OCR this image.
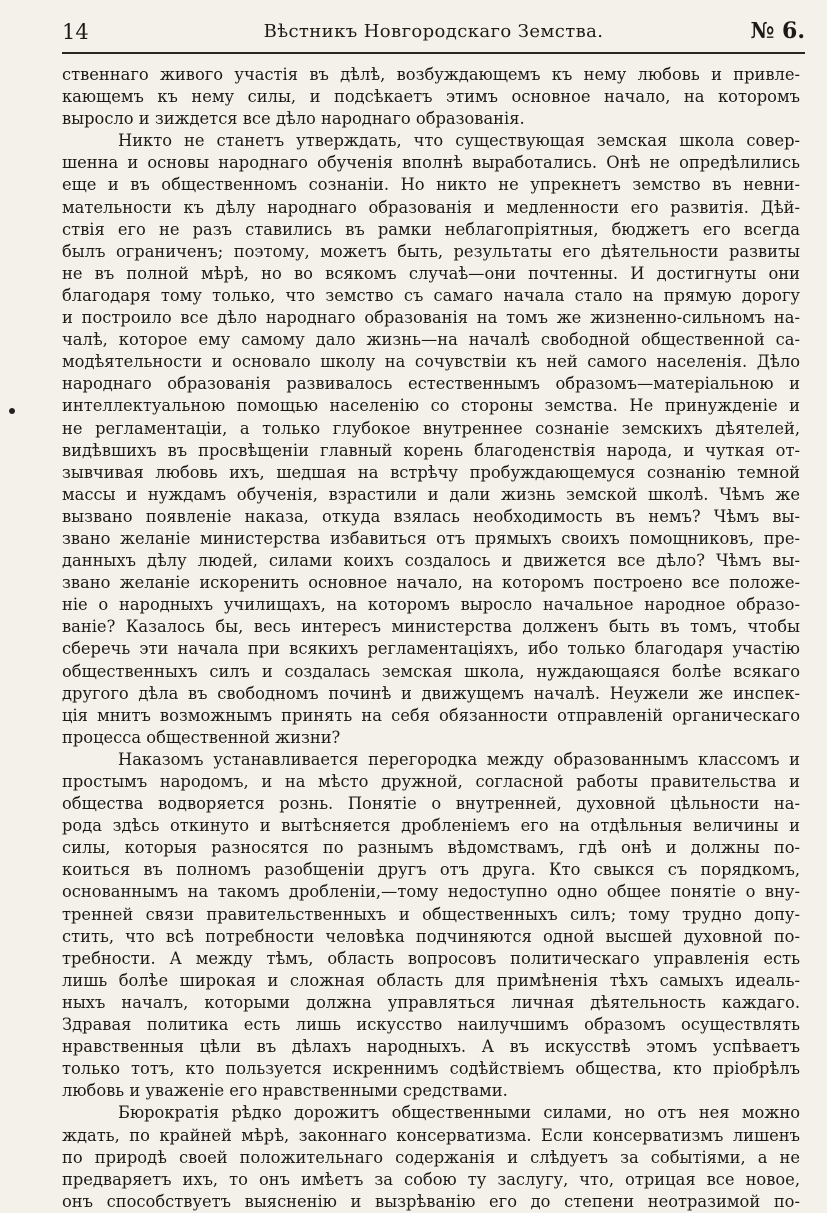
14	Вѣстникъ Новгородскаго Земства.	№ 6.
ственнаго живого участія въ дѣлѣ, возбуждающемъ къ нему любовь и привле-
кающемъ къ нему силы, и подсѣкаетъ этимъ основное начало, на которомъ
выросло и зиждется все дѣло народнаго образованія.
Никто не станетъ утверждать, что существующая земская школа совер-
шенна и основы народнаго обученія вполнѣ выработались. Онѣ не опредѣлились
еще и въ общественномъ сознаніи. Но никто не упрекнетъ земство въ невни-
мательности къ дѣлу народнаго образованія и медленности его развитія. Дѣй-
ствія его не разъ ставились въ рамки неблагопріятныя, бюджетъ его всегда
былъ ограниченъ; поэтому, можетъ быть, результаты его дѣятельности развиты
не въ полной мѣрѣ, но во всякомъ случаѣ—они почтенны. И достигнуты они
благодаря тому только, что земство съ самаго начала стало на прямую дорогу
и построило все дѣло народнаго образованія на томъ же жизненно-сильномъ на-
чалѣ, которое ему самому дало жизнь—на началѣ свободной общественной са-
модѣятельности и основало школу на сочувствіи къ ней самого населенія. Дѣло
народнаго образованія развивалось естественнымъ образомъ—матеріальною и
интеллектуальною помощью населенію со стороны земства. Не принужденіе и
не регламентаціи, а только глубокое внутреннее сознаніе земскихъ дѣятелей,
видѣвшихъ въ просвѣщеніи главный корень благоденствія народа, и чуткая от-
зывчивая любовь ихъ, шедшая на встрѣчу пробуждающемуся сознанію темной
массы и нуждамъ обученія, взрастили и дали жизнь земской школѣ. Чѣмъ же
вызвано появленіе наказа, откуда взялась необходимость въ немъ? Чѣмъ вы-
звано желаніе министерства избавиться отъ прямыхъ своихъ помощниковъ, пре-
данныхъ дѣлу людей, силами коихъ создалось и движется все дѣло? Чѣмъ вы-
звано желаніе искоренить основное начало, на которомъ построено все положе-
ніе о народныхъ училищахъ, на которомъ выросло начальное народное образо-
ваніе? Казалось бы, весь интересъ министерства долженъ быть въ томъ, чтобы
сберечь эти начала при всякихъ регламентаціяхъ, ибо только благодаря участію
общественныхъ силъ и создалась земская школа, нуждающаяся болѣе всякаго
другого дѣла въ свободномъ починѣ и движущемъ началѣ. Неужели же инспек-
ція мнитъ возможнымъ принять на себя обязанности отправленій органическаго
процесса общественной жизни?
Наказомъ устанавливается перегородка между образованнымъ классомъ и
простымъ народомъ, и на мѣсто дружной, согласной работы правительства и
общества водворяется рознь. Понятіе о внутренней, духовной цѣльности на-
рода здѣсь откинуто и вытѣсняется дробленіемъ его на отдѣльныя величины и
силы, которыя разносятся по разнымъ вѣдомствамъ, гдѣ онѣ и должны по-
коиться въ полномъ разобщеніи другъ отъ друга. Кто свыкся съ порядкомъ,
основаннымъ на такомъ дробленіи,—тому недоступно одно общее понятіе о вну-
тренней связи правительственныхъ и общественныхъ силъ; тому трудно допу-
стить, что всѣ потребности человѣка подчиняются одной высшей духовной по-
требности. А между тѣмъ, область вопросовъ политическаго управленія есть
лишь болѣе широкая и сложная область для примѣненія тѣхъ самыхъ идеаль-
ныхъ началъ, которыми должна управляться личная дѣятельность каждаго.
Здравая политика есть лишь искусство наилучшимъ образомъ осуществлять
нравственныя цѣли въ дѣлахъ народныхъ. А въ искусствѣ этомъ успѣваетъ
только тотъ, кто пользуется искреннимъ содѣйствіемъ общества, кто пріобрѣлъ
любовь и уваженіе его нравственными средствами.
Бюрократія рѣдко дорожитъ общественными силами, но отъ нея можно
ждать, по крайней мѣрѣ, законнаго консерватизма. Если консерватизмъ лишенъ
по природѣ своей положительнаго содержанія и слѣдуетъ за событіями, а не
предваряетъ ихъ, то онъ имѣетъ за собою ту заслугу, что, отрицая все новое,
онъ способствуетъ выясненію и вызрѣванію его до степени неотразимой по-
